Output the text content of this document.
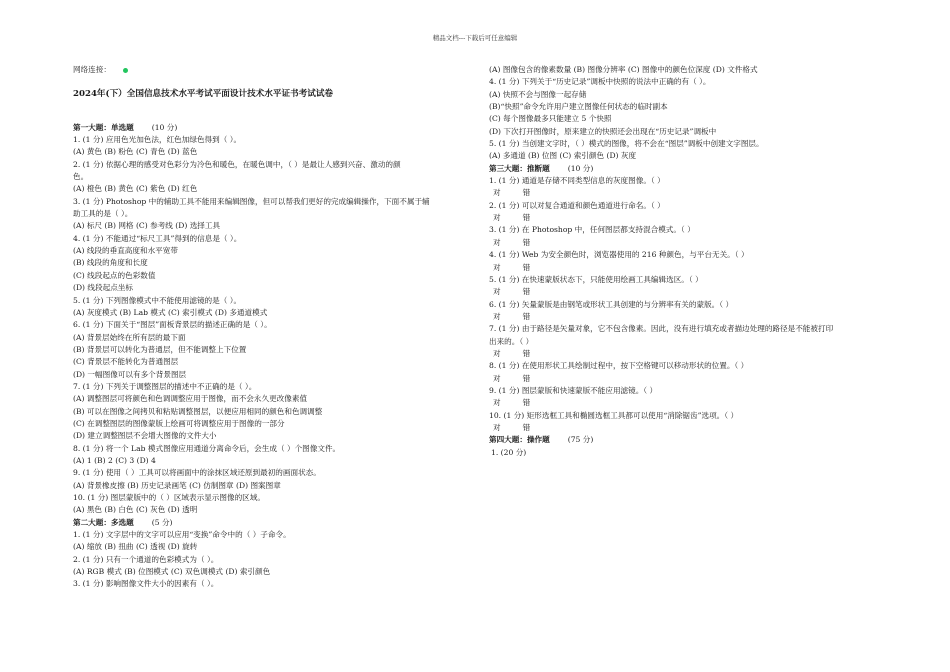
精品文档---下载后可任意编辑
网络连接：
2024年(下）全国信息技术水平考试平面设计技术水平证书考试试卷
第一大题：单选题 (10 分)
1. (1 分) 应用色光加色法，红色加绿色得到（ ）。
(A) 黄色 (B) 粉色 (C) 青色 (D) 蓝色
2. (1 分) 依据心理的感受对色彩分为冷色和暖色，在暖色调中，（ ）是最让人感到兴奋、激动的颜
色。
(A) 橙色 (B) 黄色 (C) 紫色 (D) 红色
3. (1 分) Photoshop 中的辅助工具不能用来编辑图像，但可以帮我们更好的完成编辑操作，下面不属于辅
助工具的是（ ）。
(A) 标尺 (B) 网格 (C) 参考线 (D) 选择工具
4. (1 分) 不能通过“标尺工具”得到的信息是（ ）。
(A) 线段的垂直高度和水平宽带
(B) 线段的角度和长度
(C) 线段起点的色彩数值
(D) 线段起点坐标
5. (1 分) 下列图像模式中不能使用滤镜的是（ ）。
(A) 灰度模式 (B) Lab 模式 (C) 索引模式 (D) 多通道模式
6. (1 分) 下面关于“图层”面板背景层的描述正确的是（ ）。
(A) 背景层始终在所有层的最下面
(B) 背景层可以转化为普通层，但不能调整上下位置
(C) 背景层不能转化为普通图层
(D) 一幅图像可以有多个背景图层
7. (1 分) 下列关于调整图层的描述中不正确的是（ ）。
(A) 调整图层可将颜色和色调调整应用于图像，而不会永久更改像素值
(B) 可以在图像之间拷贝和粘贴调整图层，以便应用相同的颜色和色调调整
(C) 在调整图层的图像蒙版上绘画可将调整应用于图像的一部分
(D) 建立调整图层不会增大图像的文件大小
8. (1 分) 将一个 Lab 模式图像应用通道分离命令后，会生成（ ）个图像文件。
(A) 1 (B) 2 (C) 3 (D) 4
9. (1 分) 使用（ ）工具可以将画面中的涂抹区域还原到最初的画面状态。
(A) 背景橡皮擦 (B) 历史记录画笔 (C) 仿制图章 (D) 图案图章
10. (1 分) 图层蒙版中的（ ）区域表示显示图像的区域。
(A) 黑色 (B) 白色 (C) 灰色 (D) 透明
第二大题：多选题 (5 分)
1. (1 分) 文字层中的文字可以应用“变换”命令中的（ ）子命令。
(A) 缩放 (B) 扭曲 (C) 透视 (D) 旋转
2. (1 分) 只有一个通道的色彩模式为（ ）。
(A) RGB 模式 (B) 位图模式 (C) 双色调模式 (D) 索引颜色
3. (1 分) 影响图像文件大小的因素有（ ）。
(A) 图像包含的像素数量 (B) 图像分辨率 (C) 图像中的颜色位深度 (D) 文件格式
4. (1 分) 下列关于“历史记录”调板中快照的说法中正确的有（ ）。
(A) 快照不会与图像一起存储
(B)“快照”命令允许用户建立图像任何状态的临时副本
(C) 每个图像最多只能建立 5 个快照
(D) 下次打开图像时，原来建立的快照还会出现在“历史记录”调板中
5. (1 分) 当创建文字时，（ ）模式的图像，将不会在“图层”调板中创建文字图层。
(A) 多通道 (B) 位图 (C) 索引颜色 (D) 灰度
第三大题：推断题 (10 分)
1. (1 分) 通道是存储不同类型信息的灰度图像。（ ）
对	错
2. (1 分) 可以对复合通道和颜色通道进行命名。（ ）
对	错
3. (1 分) 在 Photoshop 中，任何图层都支持混合模式。（ ）
对	错
4. (1 分) Web 为安全颜色时，浏览器使用的 216 种颜色，与平台无关。（ ）
对	错
5. (1 分) 在快速蒙版状态下，只能使用绘画工具编辑选区。（ ）
对	错
6. (1 分) 矢量蒙版是由钢笔或形状工具创建的与分辨率有关的蒙版。（ ）
对	错
7. (1 分) 由于路径是矢量对象，它不包含像素。因此，没有进行填充或者描边处理的路径是不能被打印
出来的。（ ）
对	错
8. (1 分) 在使用形状工具绘制过程中，按下空格键可以移动形状的位置。（ ）
对	错
9. (1 分) 图层蒙版和快速蒙版不能应用滤镜。（ ）
对	错
10. (1 分) 矩形选框工具和椭圆选框工具都可以使用“消除锯齿”选项。（ ）
对	错
第四大题：操作题 (75 分)
1. (20 分)
